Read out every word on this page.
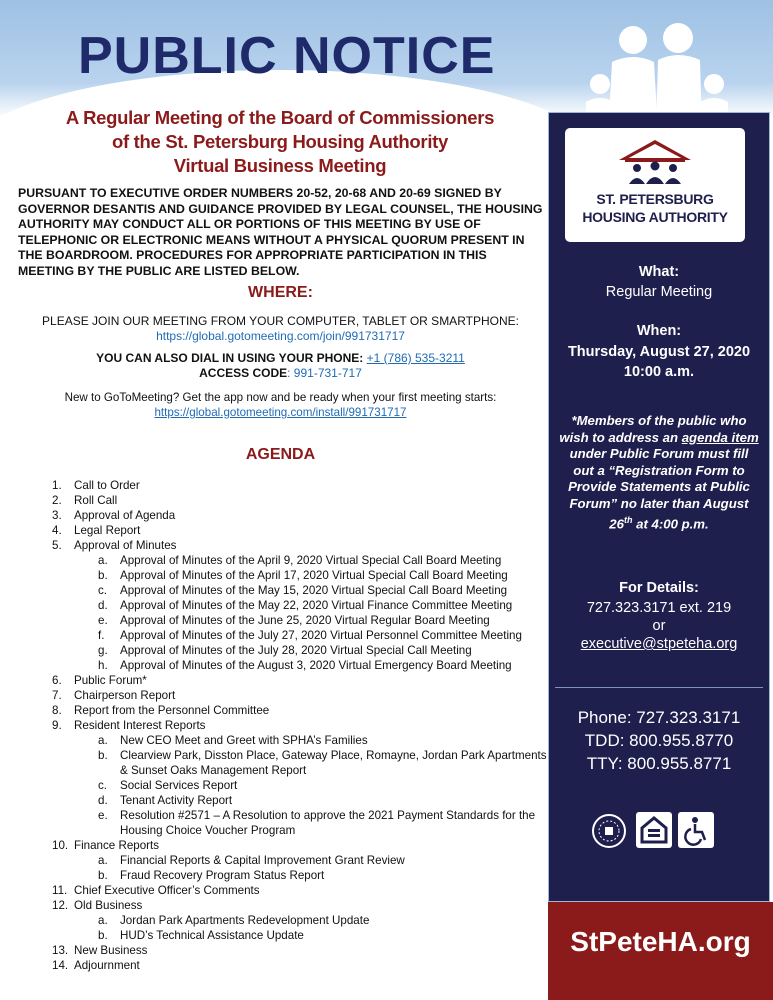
PUBLIC NOTICE
A Regular Meeting of the Board of Commissioners
of the St. Petersburg Housing Authority
Virtual Business Meeting
PURSUANT TO EXECUTIVE ORDER NUMBERS 20-52, 20-68 AND 20-69 SIGNED BY GOVERNOR DESANTIS AND GUIDANCE PROVIDED BY LEGAL COUNSEL, THE HOUSING AUTHORITY MAY CONDUCT ALL OR PORTIONS OF THIS MEETING BY USE OF TELEPHONIC OR ELECTRONIC MEANS WITHOUT A PHYSICAL QUORUM PRESENT IN THE BOARDROOM. PROCEDURES FOR APPROPRIATE PARTICIPATION IN THIS MEETING BY THE PUBLIC ARE LISTED BELOW.
WHERE:
PLEASE JOIN OUR MEETING FROM YOUR COMPUTER, TABLET OR SMARTPHONE:
https://global.gotomeeting.com/join/991731717
YOU CAN ALSO DIAL IN USING YOUR PHONE: +1 (786) 535-3211
ACCESS CODE: 991-731-717
New to GoToMeeting? Get the app now and be ready when your first meeting starts:
https://global.gotomeeting.com/install/991731717
AGENDA
1.	Call to Order
2.	Roll Call
3.	Approval of Agenda
4.	Legal Report
5.	Approval of Minutes
a.	Approval of Minutes of the April 9, 2020 Virtual Special Call Board Meeting
b.	Approval of Minutes of the April 17, 2020 Virtual Special Call Board Meeting
c.	Approval of Minutes of the May 15, 2020 Virtual Special Call Board Meeting
d.	Approval of Minutes of the May 22, 2020 Virtual Finance Committee Meeting
e.	Approval of Minutes of the June 25, 2020 Virtual Regular Board Meeting
f.	Approval of Minutes of the July 27, 2020 Virtual Personnel Committee Meeting
g.	Approval of Minutes of the July 28, 2020 Virtual Special Call Meeting
h.	Approval of Minutes of the August 3, 2020 Virtual Emergency Board Meeting
6.	Public Forum*
7.	Chairperson Report
8.	Report from the Personnel Committee
9.	Resident Interest Reports
a.	New CEO Meet and Greet with SPHA’s Families
b.	Clearview Park, Disston Place, Gateway Place, Romayne, Jordan Park Apartments & Sunset Oaks Management Report
c.	Social Services Report
d.	Tenant Activity Report
e.	Resolution #2571 – A Resolution to approve the 2021 Payment Standards for the Housing Choice Voucher Program
10. Finance Reports
a.	Financial Reports & Capital Improvement Grant Review
b.	Fraud Recovery Program Status Report
11. Chief Executive Officer’s Comments
12. Old Business
a.	Jordan Park Apartments Redevelopment Update
b.	HUD’s Technical Assistance Update
13. New Business
14. Adjournment
ST. PETERSBURG
HOUSING AUTHORITY
What:
Regular Meeting
When:
Thursday, August 27, 2020
10:00 a.m.
*Members of the public who wish to address an agenda item under Public Forum must fill out a “Registration Form to Provide Statements at Public Forum” no later than August 26th at 4:00 p.m.
For Details:
727.323.3171 ext. 219
or
executive@stpeteha.org
Phone: 727.323.3171
TDD: 800.955.8770
TTY: 800.955.8771
StPeteHA.org
